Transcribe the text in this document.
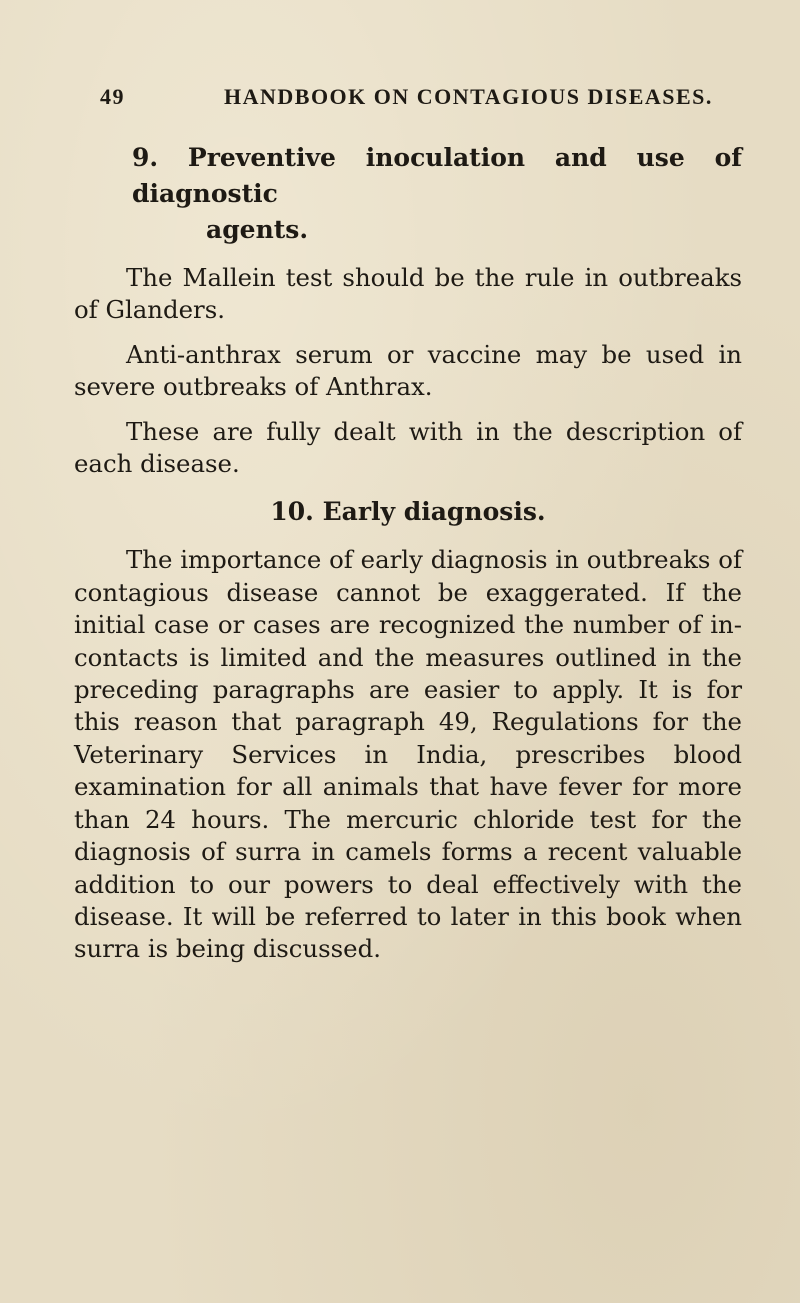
49	HANDBOOK ON CONTAGIOUS DISEASES.
9. Preventive inoculation and use of diagnostic
agents.

The Mallein test should be the rule in outbreaks of Glanders.

Anti-anthrax serum or vaccine may be used in severe outbreaks of Anthrax.

These are fully dealt with in the description of each disease.

10. Early diagnosis.

The importance of early diagnosis in outbreaks of contagious disease cannot be exaggerated. If the initial case or cases are recognized the number of in-contacts is limited and the measures outlined in the preceding paragraphs are easier to apply. It is for this reason that paragraph 49, Regulations for the Veterinary Services in India, prescribes blood examination for all animals that have fever for more than 24 hours. The mercuric chloride test for the diagnosis of surra in camels forms a recent valuable addition to our powers to deal effectively with the disease. It will be referred to later in this book when surra is being discussed.
